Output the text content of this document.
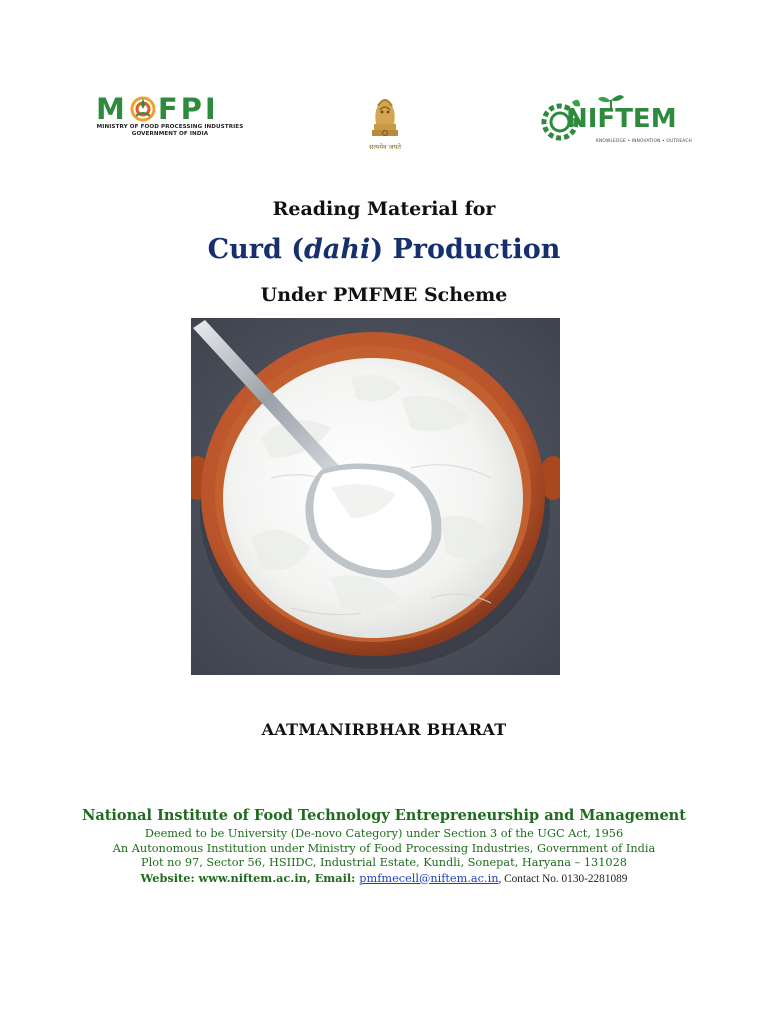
M FPI
MINISTRY OF FOOD PROCESSING INDUSTRIES
GOVERNMENT OF INDIA
सत्यमेव जयते
NIFTEM
KNOWLEDGE • INNOVATION • OUTREACH
Reading Material for
Curd (dahi) Production
Under PMFME Scheme
AATMANIRBHAR BHARAT
National Institute of Food Technology Entrepreneurship and Management
Deemed to be University (De-novo Category) under Section 3 of the UGC Act, 1956
An Autonomous Institution under Ministry of Food Processing Industries, Government of India
Plot no 97, Sector 56, HSIIDC, Industrial Estate, Kundli, Sonepat, Haryana – 131028
Website: www.niftem.ac.in, Email: pmfmecell@niftem.ac.in, Contact No. 0130-2281089
